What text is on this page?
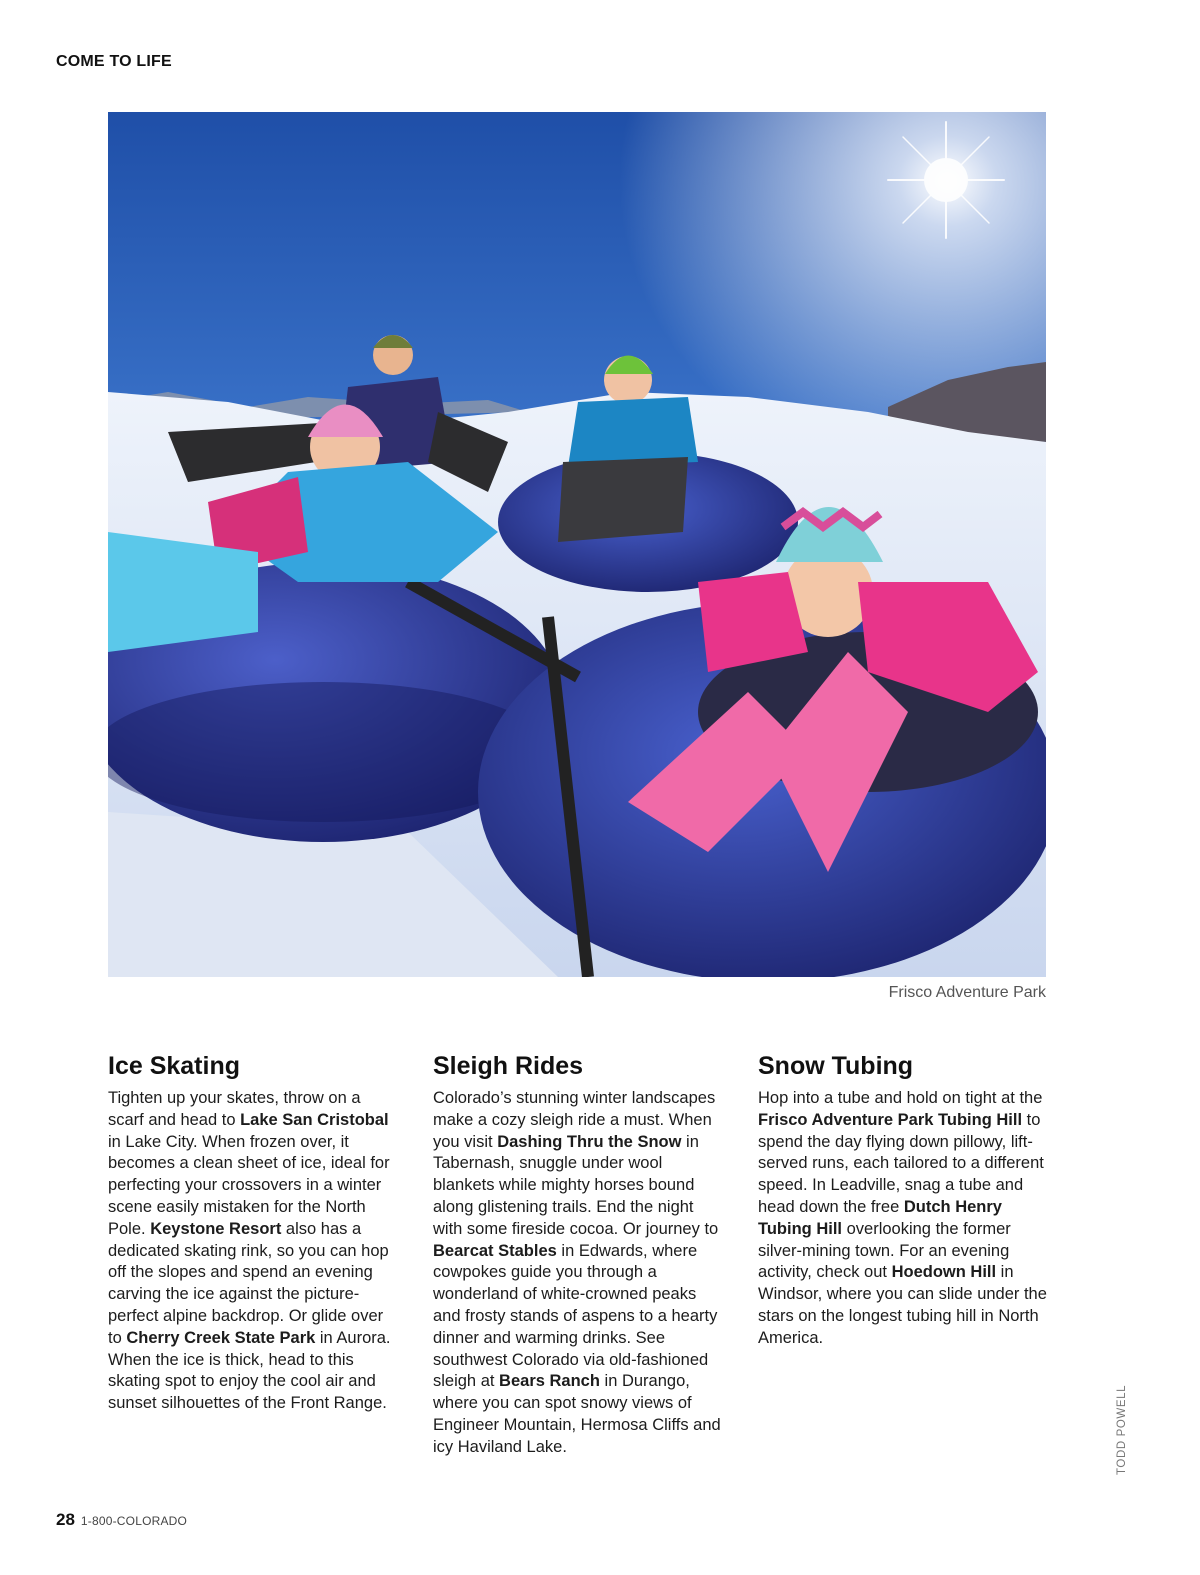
COME TO LIFE
Frisco Adventure Park
Ice Skating

Tighten up your skates, throw on a scarf and head to Lake San Cristobal in Lake City. When frozen over, it becomes a clean sheet of ice, ideal for perfecting your crossovers in a winter scene easily mistaken for the North Pole. Keystone Resort also has a dedicated skating rink, so you can hop off the slopes and spend an evening carving the ice against the picture-perfect alpine backdrop. Or glide over to Cherry Creek State Park in Aurora. When the ice is thick, head to this skating spot to enjoy the cool air and sunset silhouettes of the Front Range.

Sleigh Rides

Colorado’s stunning winter landscapes make a cozy sleigh ride a must. When you visit Dashing Thru the Snow in Tabernash, snuggle under wool blankets while mighty horses bound along glistening trails. End the night with some fireside cocoa. Or journey to Bearcat Stables in Edwards, where cowpokes guide you through a wonderland of white-crowned peaks and frosty stands of aspens to a hearty dinner and warming drinks. See southwest Colorado via old-fashioned sleigh at Bears Ranch in Durango, where you can spot snowy views of Engineer Mountain, Hermosa Cliffs and icy Haviland Lake.

Snow Tubing

Hop into a tube and hold on tight at the Frisco Adventure Park Tubing Hill to spend the day flying down pillowy, lift-served runs, each tailored to a different speed. In Leadville, snag a tube and head down the free Dutch Henry Tubing Hill overlooking the former silver-mining town. For an evening activity, check out Hoedown Hill in Windsor, where you can slide under the stars on the longest tubing hill in North America.

TODD POWELL
28 1-800-COLORADO
